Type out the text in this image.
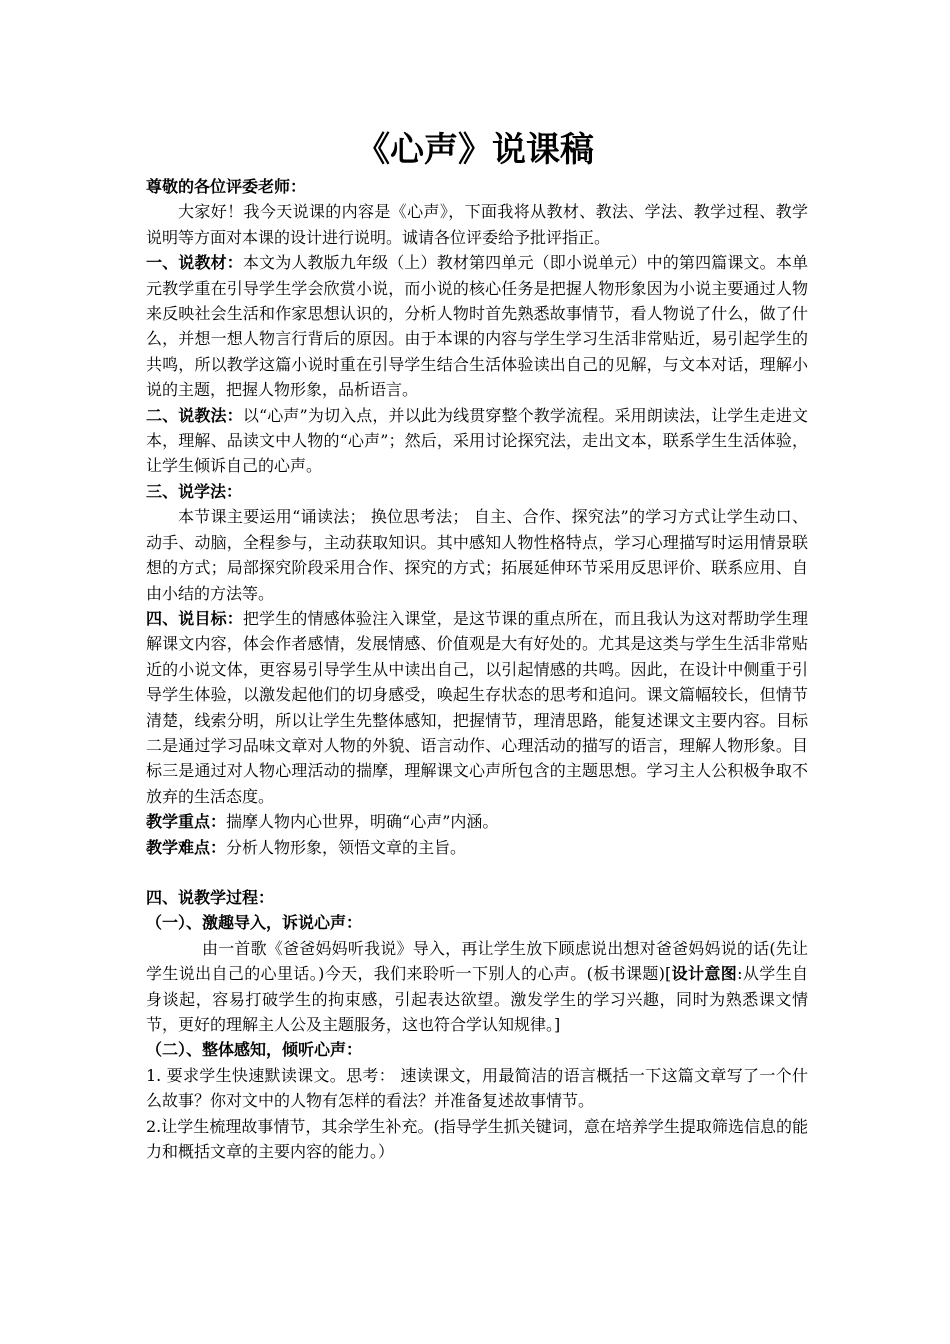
《心声》说课稿

尊敬的各位评委老师：

大家好！我今天说课的内容是《心声》，下面我将从教材、教法、学法、教学过程、教学说明等方面对本课的设计进行说明。诚请各位评委给予批评指正。

一、说教材：本文为人教版九年级（上）教材第四单元（即小说单元）中的第四篇课文。本单元教学重在引导学生学会欣赏小说，而小说的核心任务是把握人物形象因为小说主要通过人物来反映社会生活和作家思想认识的，分析人物时首先熟悉故事情节，看人物说了什么，做了什么，并想一想人物言行背后的原因。由于本课的内容与学生学习生活非常贴近，易引起学生的共鸣，所以教学这篇小说时重在引导学生结合生活体验读出自己的见解，与文本对话，理解小说的主题，把握人物形象，品析语言。

二、说教法：以“心声”为切入点，并以此为线贯穿整个教学流程。采用朗读法，让学生走进文本，理解、品读文中人物的“心声”；然后，采用讨论探究法，走出文本，联系学生生活体验，让学生倾诉自己的心声。

三、说学法：

本节课主要运用“诵读法； 换位思考法； 自主、合作、探究法”的学习方式让学生动口、动手、动脑，全程参与，主动获取知识。其中感知人物性格特点，学习心理描写时运用情景联想的方式；局部探究阶段采用合作、探究的方式；拓展延伸环节采用反思评价、联系应用、自由小结的方法等。

四、说目标：把学生的情感体验注入课堂，是这节课的重点所在，而且我认为这对帮助学生理解课文内容，体会作者感情，发展情感、价值观是大有好处的。尤其是这类与学生生活非常贴近的小说文体，更容易引导学生从中读出自己，以引起情感的共鸣。因此，在设计中侧重于引导学生体验，以激发起他们的切身感受，唤起生存状态的思考和追问。课文篇幅较长，但情节清楚，线索分明，所以让学生先整体感知，把握情节，理清思路，能复述课文主要内容。目标二是通过学习品味文章对人物的外貌、语言动作、心理活动的描写的语言，理解人物形象。目标三是通过对人物心理活动的揣摩，理解课文心声所包含的主题思想。学习主人公积极争取不放弃的生活态度。

教学重点：揣摩人物内心世界，明确“心声”内涵。

教学难点：分析人物形象，领悟文章的主旨。

四、说教学过程：

（一）、激趣导入，诉说心声：

由一首歌《爸爸妈妈听我说》导入，再让学生放下顾虑说出想对爸爸妈妈说的话(先让学生说出自己的心里话。)今天，我们来聆听一下别人的心声。(板书课题)[设计意图:从学生自身谈起，容易打破学生的拘束感，引起表达欲望。激发学生的学习兴趣，同时为熟悉课文情节，更好的理解主人公及主题服务，这也符合学认知规律。]

（二）、整体感知，倾听心声：

1. 要求学生快速默读课文。思考： 速读课文，用最简洁的语言概括一下这篇文章写了一个什么故事？你对文中的人物有怎样的看法？并准备复述故事情节。

2.让学生梳理故事情节，其余学生补充。(指导学生抓关键词，意在培养学生提取筛选信息的能力和概括文章的主要内容的能力。）
